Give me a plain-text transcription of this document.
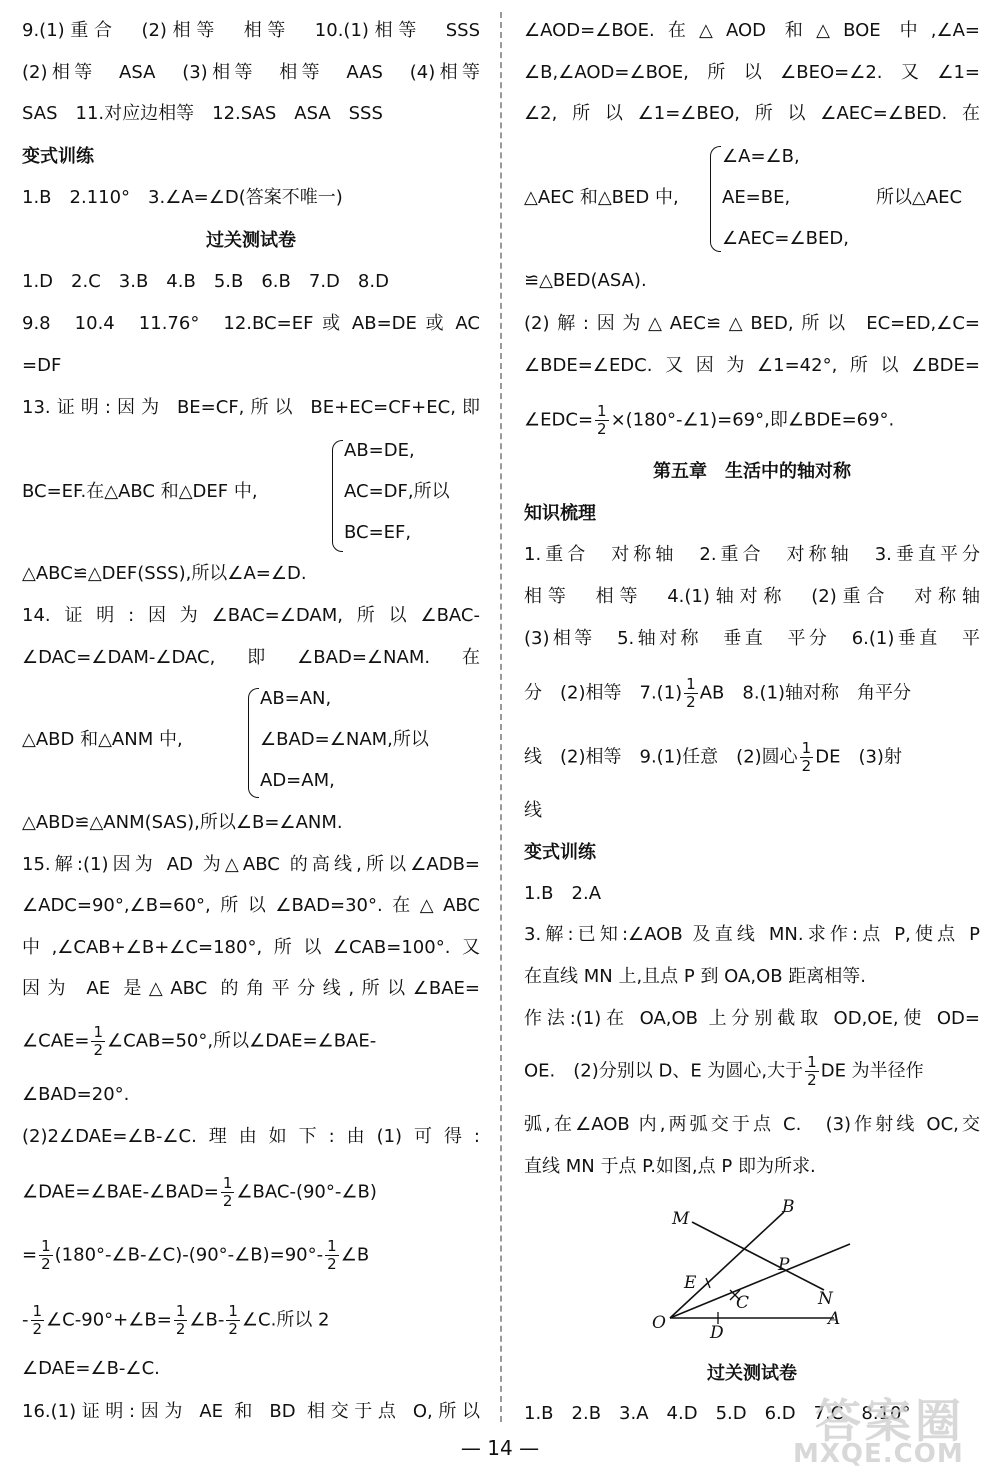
9.(1)重合　(2)相等　相等　10.(1)相等　SSS
(2)相等　ASA　(3)相等　相等　AAS　(4)相等
SAS　11.对应边相等　12.SAS　ASA　SSS
变式训练
1.B　2.110°　3.∠A=∠D(答案不唯一)
过关测试卷
1.D　2.C　3.B　4.B　5.B　6.B　7.D　8.D
9.8　10.4　11.76°　12.BC=EF 或 AB=DE 或 AC
=DF
13.证明:因为 BE=CF,所以 BE+EC=CF+EC,即
AB=DE,
BC=EF.在△ABC 和△DEF 中,	AC=DF,所以
BC=EF,
△ABC≌△DEF(SSS),所以∠A=∠D.
14.证明:因为∠BAC=∠DAM,所以∠BAC-
∠DAC=∠DAM-∠DAC,即∠BAD=∠NAM.在
AB=AN,
△ABD 和△ANM 中,	∠BAD=∠NAM,所以
AD=AM,
△ABD≌△ANM(SAS),所以∠B=∠ANM.
15.解:(1)因为 AD 为△ABC 的高线,所以∠ADB=
∠ADC=90°,∠B=60°,所以∠BAD=30°.在△ABC
中,∠CAB+∠B+∠C=180°,所以∠CAB=100°.又
因为 AE 是△ABC 的角平分线,所以∠BAE=
∠CAE= $\frac{1}{2}$ ∠CAB=50°,所以∠DAE=∠BAE-
∠BAD=20°.
(2)2∠DAE=∠B-∠C.理由如下:由(1)可得:
∠DAE=∠BAE-∠BAD= $\frac{1}{2}$ ∠BAC-(90°-∠B)
= $\frac{1}{2}$ (180°-∠B-∠C)-(90°-∠B)=90°- $\frac{1}{2}$ ∠B
- $\frac{1}{2}$ ∠C-90°+∠B= $\frac{1}{2}$ ∠B- $\frac{1}{2}$ ∠C.所以 2
∠DAE=∠B-∠C.
16.(1)证明:因为 AE 和 BD 相交于点 O,所以
∠AOD=∠BOE.在△AOD 和△BOE 中,∠A=
∠B,∠AOD=∠BOE,所以∠BEO=∠2.又∠1=
∠2,所以∠1=∠BEO,所以∠AEC=∠BED.在
∠A=∠B,
△AEC 和△BED 中, AE=BE,	所以△AEC
∠AEC=∠BED,
≌△BED(ASA).
(2)解:因为△AEC≌△BED,所以 EC=ED,∠C=
∠BDE=∠EDC.又因为∠1=42°,所以∠BDE=
∠EDC= $\frac{1}{2}$ ×(180°-∠1)=69°,即∠BDE=69°.
第五章　生活中的轴对称
知识梳理
1.重合　对称轴　2.重合　对称轴　3.垂直平分
相等　相等　4.(1)轴对称　(2)重合　对称轴
(3)相等　5.轴对称　垂直　平分　6.(1)垂直　平
分　(2)相等　$7.(1) \frac{1}{2}$ AB　8.(1)轴对称　角平分
线　(2)相等　9.(1)任意　(2)圆心 $\frac{1}{2}$ DE　(3)射
线
变式训练
1.B　2.A
3.解:已知:∠AOB 及直线 MN.求作:点 P,使点 P
在直线 MN 上,且点 P 到 OA,OB 距离相等.
作法:(1)在 OA,OB 上分别截取 OD,OE,使 OD=
OE.　(2)分别以 D、E 为圆心,大于 $\frac{1}{2}$ DE 为半径作
弧,在∠AOB 内,两弧交于点 C.　(3)作射线 OC,交
直线 MN 于点 P.如图,点 P 即为所求.
M
B
E
P
C	N
O	D
A
过关测试卷
1.B　2.B　3.A　4.D　5.D　6.D　7.C　8.10°
— 14 —	答案圈
MXQE.COM
